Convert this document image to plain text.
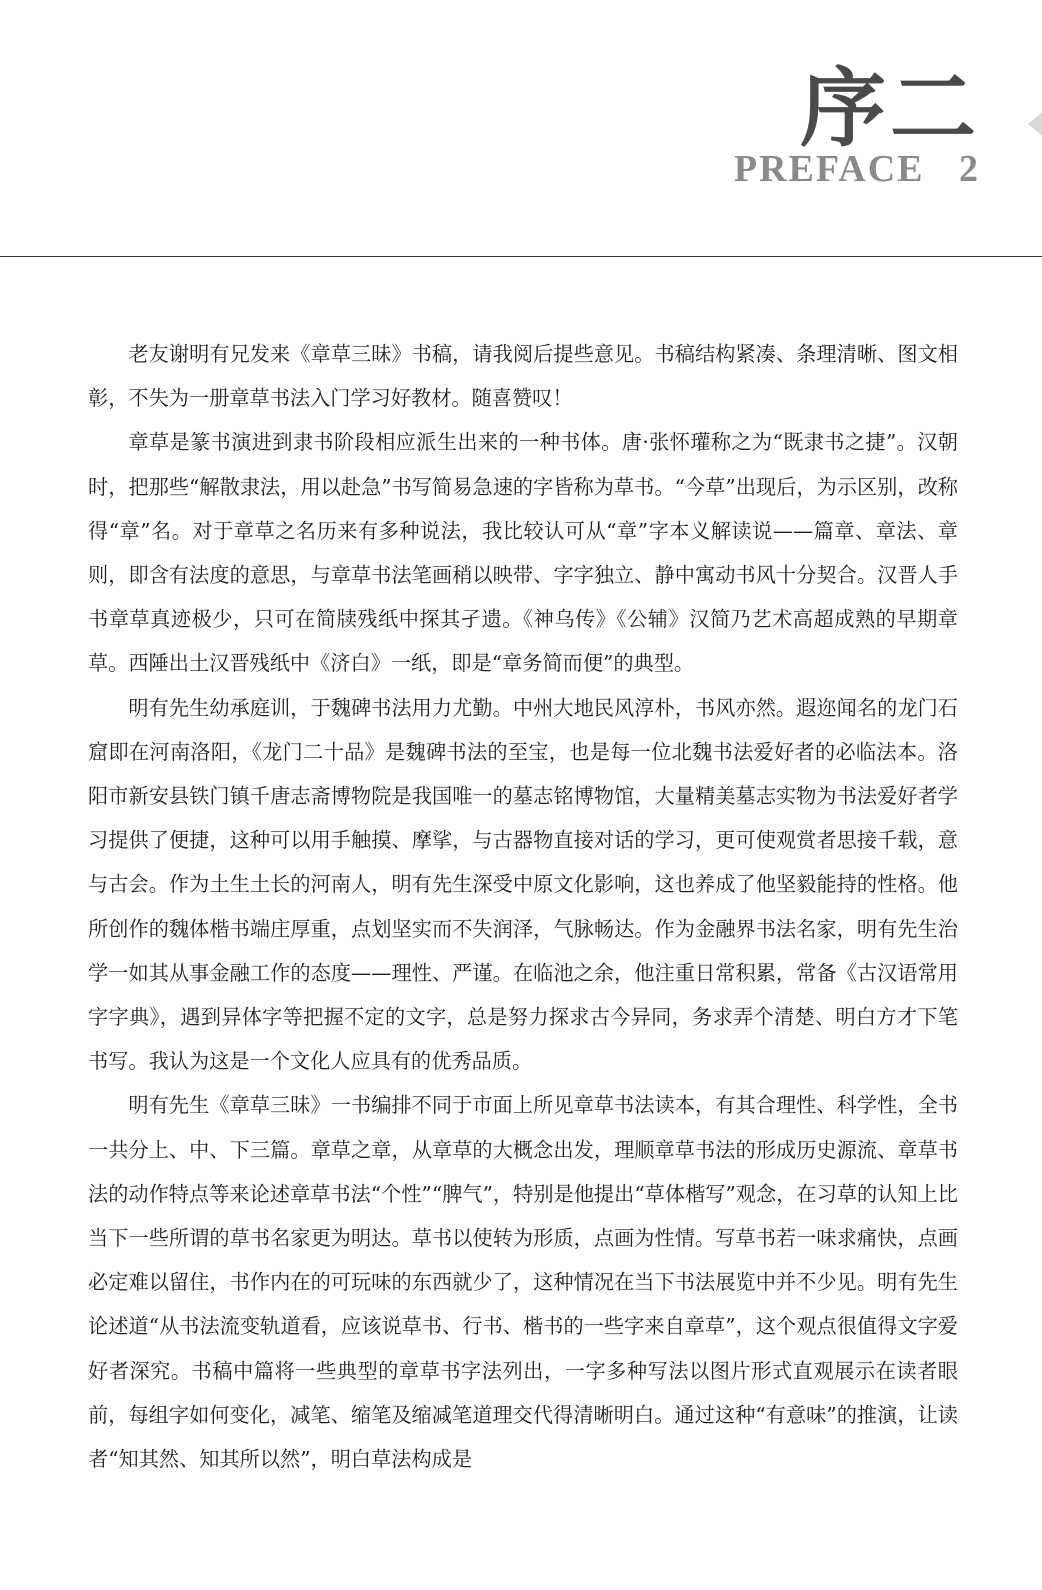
序二
PREFACE   2

老友谢明有兄发来《章草三昧》书稿，请我阅后提些意见。书稿结构紧凑、条理清晰、图文相彰，不失为一册章草书法入门学习好教材。随喜赞叹！

章草是篆书演进到隶书阶段相应派生出来的一种书体。唐·张怀瓘称之为“既隶书之捷”。汉朝时，把那些“解散隶法，用以赴急”书写简易急速的字皆称为草书。“今草”出现后，为示区别，改称得“章”名。对于章草之名历来有多种说法，我比较认可从“章”字本义解读说——篇章、章法、章则，即含有法度的意思，与章草书法笔画稍以映带、字字独立、静中寓动书风十分契合。汉晋人手书章草真迹极少，只可在简牍残纸中探其孑遗。《神乌传》《公辅》汉简乃艺术高超成熟的早期章草。西陲出土汉晋残纸中《济白》一纸，即是“章务简而便”的典型。

明有先生幼承庭训，于魏碑书法用力尤勤。中州大地民风淳朴，书风亦然。遐迩闻名的龙门石窟即在河南洛阳，《龙门二十品》是魏碑书法的至宝，也是每一位北魏书法爱好者的必临法本。洛阳市新安县铁门镇千唐志斋博物院是我国唯一的墓志铭博物馆，大量精美墓志实物为书法爱好者学习提供了便捷，这种可以用手触摸、摩挲，与古器物直接对话的学习，更可使观赏者思接千载，意与古会。作为土生土长的河南人，明有先生深受中原文化影响，这也养成了他坚毅能持的性格。他所创作的魏体楷书端庄厚重，点划坚实而不失润泽，气脉畅达。作为金融界书法名家，明有先生治学一如其从事金融工作的态度——理性、严谨。在临池之余，他注重日常积累，常备《古汉语常用字字典》，遇到异体字等把握不定的文字，总是努力探求古今异同，务求弄个清楚、明白方才下笔书写。我认为这是一个文化人应具有的优秀品质。

明有先生《章草三昧》一书编排不同于市面上所见章草书法读本，有其合理性、科学性，全书一共分上、中、下三篇。章草之章，从章草的大概念出发，理顺章草书法的形成历史源流、章草书法的动作特点等来论述章草书法“个性”“脾气”，特别是他提出“草体楷写”观念，在习草的认知上比当下一些所谓的草书名家更为明达。草书以使转为形质，点画为性情。写草书若一味求痛快，点画必定难以留住，书作内在的可玩味的东西就少了，这种情况在当下书法展览中并不少见。明有先生论述道“从书法流变轨道看，应该说草书、行书、楷书的一些字来自章草”，这个观点很值得文字爱好者深究。书稿中篇将一些典型的章草书字法列出，一字多种写法以图片形式直观展示在读者眼前，每组字如何变化，减笔、缩笔及缩减笔道理交代得清晰明白。通过这种“有意味”的推演，让读者“知其然、知其所以然”，明白草法构成是
